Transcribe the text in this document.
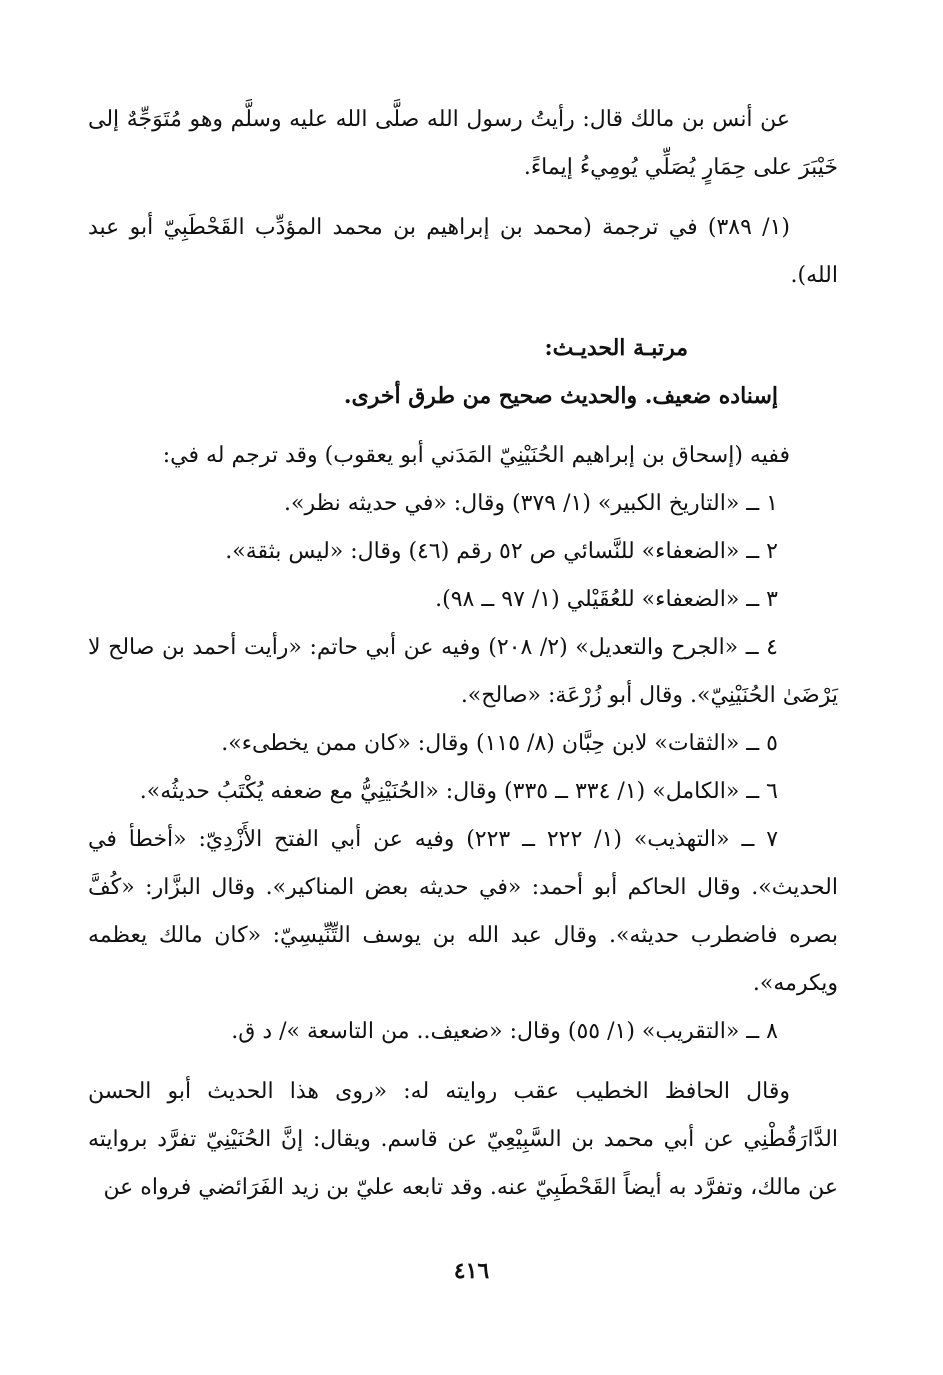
عن أنس بن مالك قال: رأيتُ رسول الله صلَّى الله عليه وسلَّم وهو مُتَوَجِّهٌ إلى خَيْبَرَ على حِمَارٍ يُصَلِّي يُومِيءُ إيماءً.

(١/ ٣٨٩) في ترجمة (محمد بن إبراهيم بن محمد المؤدِّب القَحْطَبِيّ أبو عبد الله).

مرتبـة الحديـث:

إسناده ضعيف. والحديث صحيح من طرق أخرى.

ففيه (إسحاق بن إبراهيم الحُنَيْنِيّ المَدَني أبو يعقوب) وقد ترجم له في:

١ ــ «التاريخ الكبير» (١/ ٣٧٩) وقال: «في حديثه نظر».

٢ ــ «الضعفاء» للنَّسائي ص ٥٢ رقم (٤٦) وقال: «ليس بثقة».

٣ ــ «الضعفاء» للعُقَيْلي (١/ ٩٧ ــ ٩٨).

٤ ــ «الجرح والتعديل» (٢/ ٢٠٨) وفيه عن أبي حاتم: «رأيت أحمد بن صالح لا يَرْضَىٰ الحُنَيْنِيّ». وقال أبو زُرْعَة: «صالح».

٥ ــ «الثقات» لابن حِبَّان (٨/ ١١٥) وقال: «كان ممن يخطىء».

٦ ــ «الكامل» (١/ ٣٣٤ ــ ٣٣٥) وقال: «الحُنَيْنِيُّ مع ضعفه يُكْتَبُ حديثُه».

٧ ــ «التهذيب» (١/ ٢٢٢ ــ ٢٢٣) وفيه عن أبي الفتح الأَزْدِيّ: «أخطأ في الحديث». وقال الحاكم أبو أحمد: «في حديثه بعض المناكير». وقال البزَّار: «كُفَّ بصره فاضطرب حديثه». وقال عبد الله بن يوسف التِّنِّيسِيّ: «كان مالك يعظمه ويكرمه».

٨ ــ «التقريب» (١/ ٥٥) وقال: «ضعيف.. من التاسعة »/ د ق.

وقال الحافظ الخطيب عقب روايته له: «روى هذا الحديث أبو الحسن الدَّارَقُطْنِي عن أبي محمد بن السَّبِيْعِيّ عن قاسم. ويقال: إنَّ الحُنَيْنِيّ تفرَّد بروايته عن مالك، وتفرَّد به أيضاً القَحْطَبِيّ عنه. وقد تابعه عليّ بن زيد الفَرَائضي فرواه عن

٤١٦
